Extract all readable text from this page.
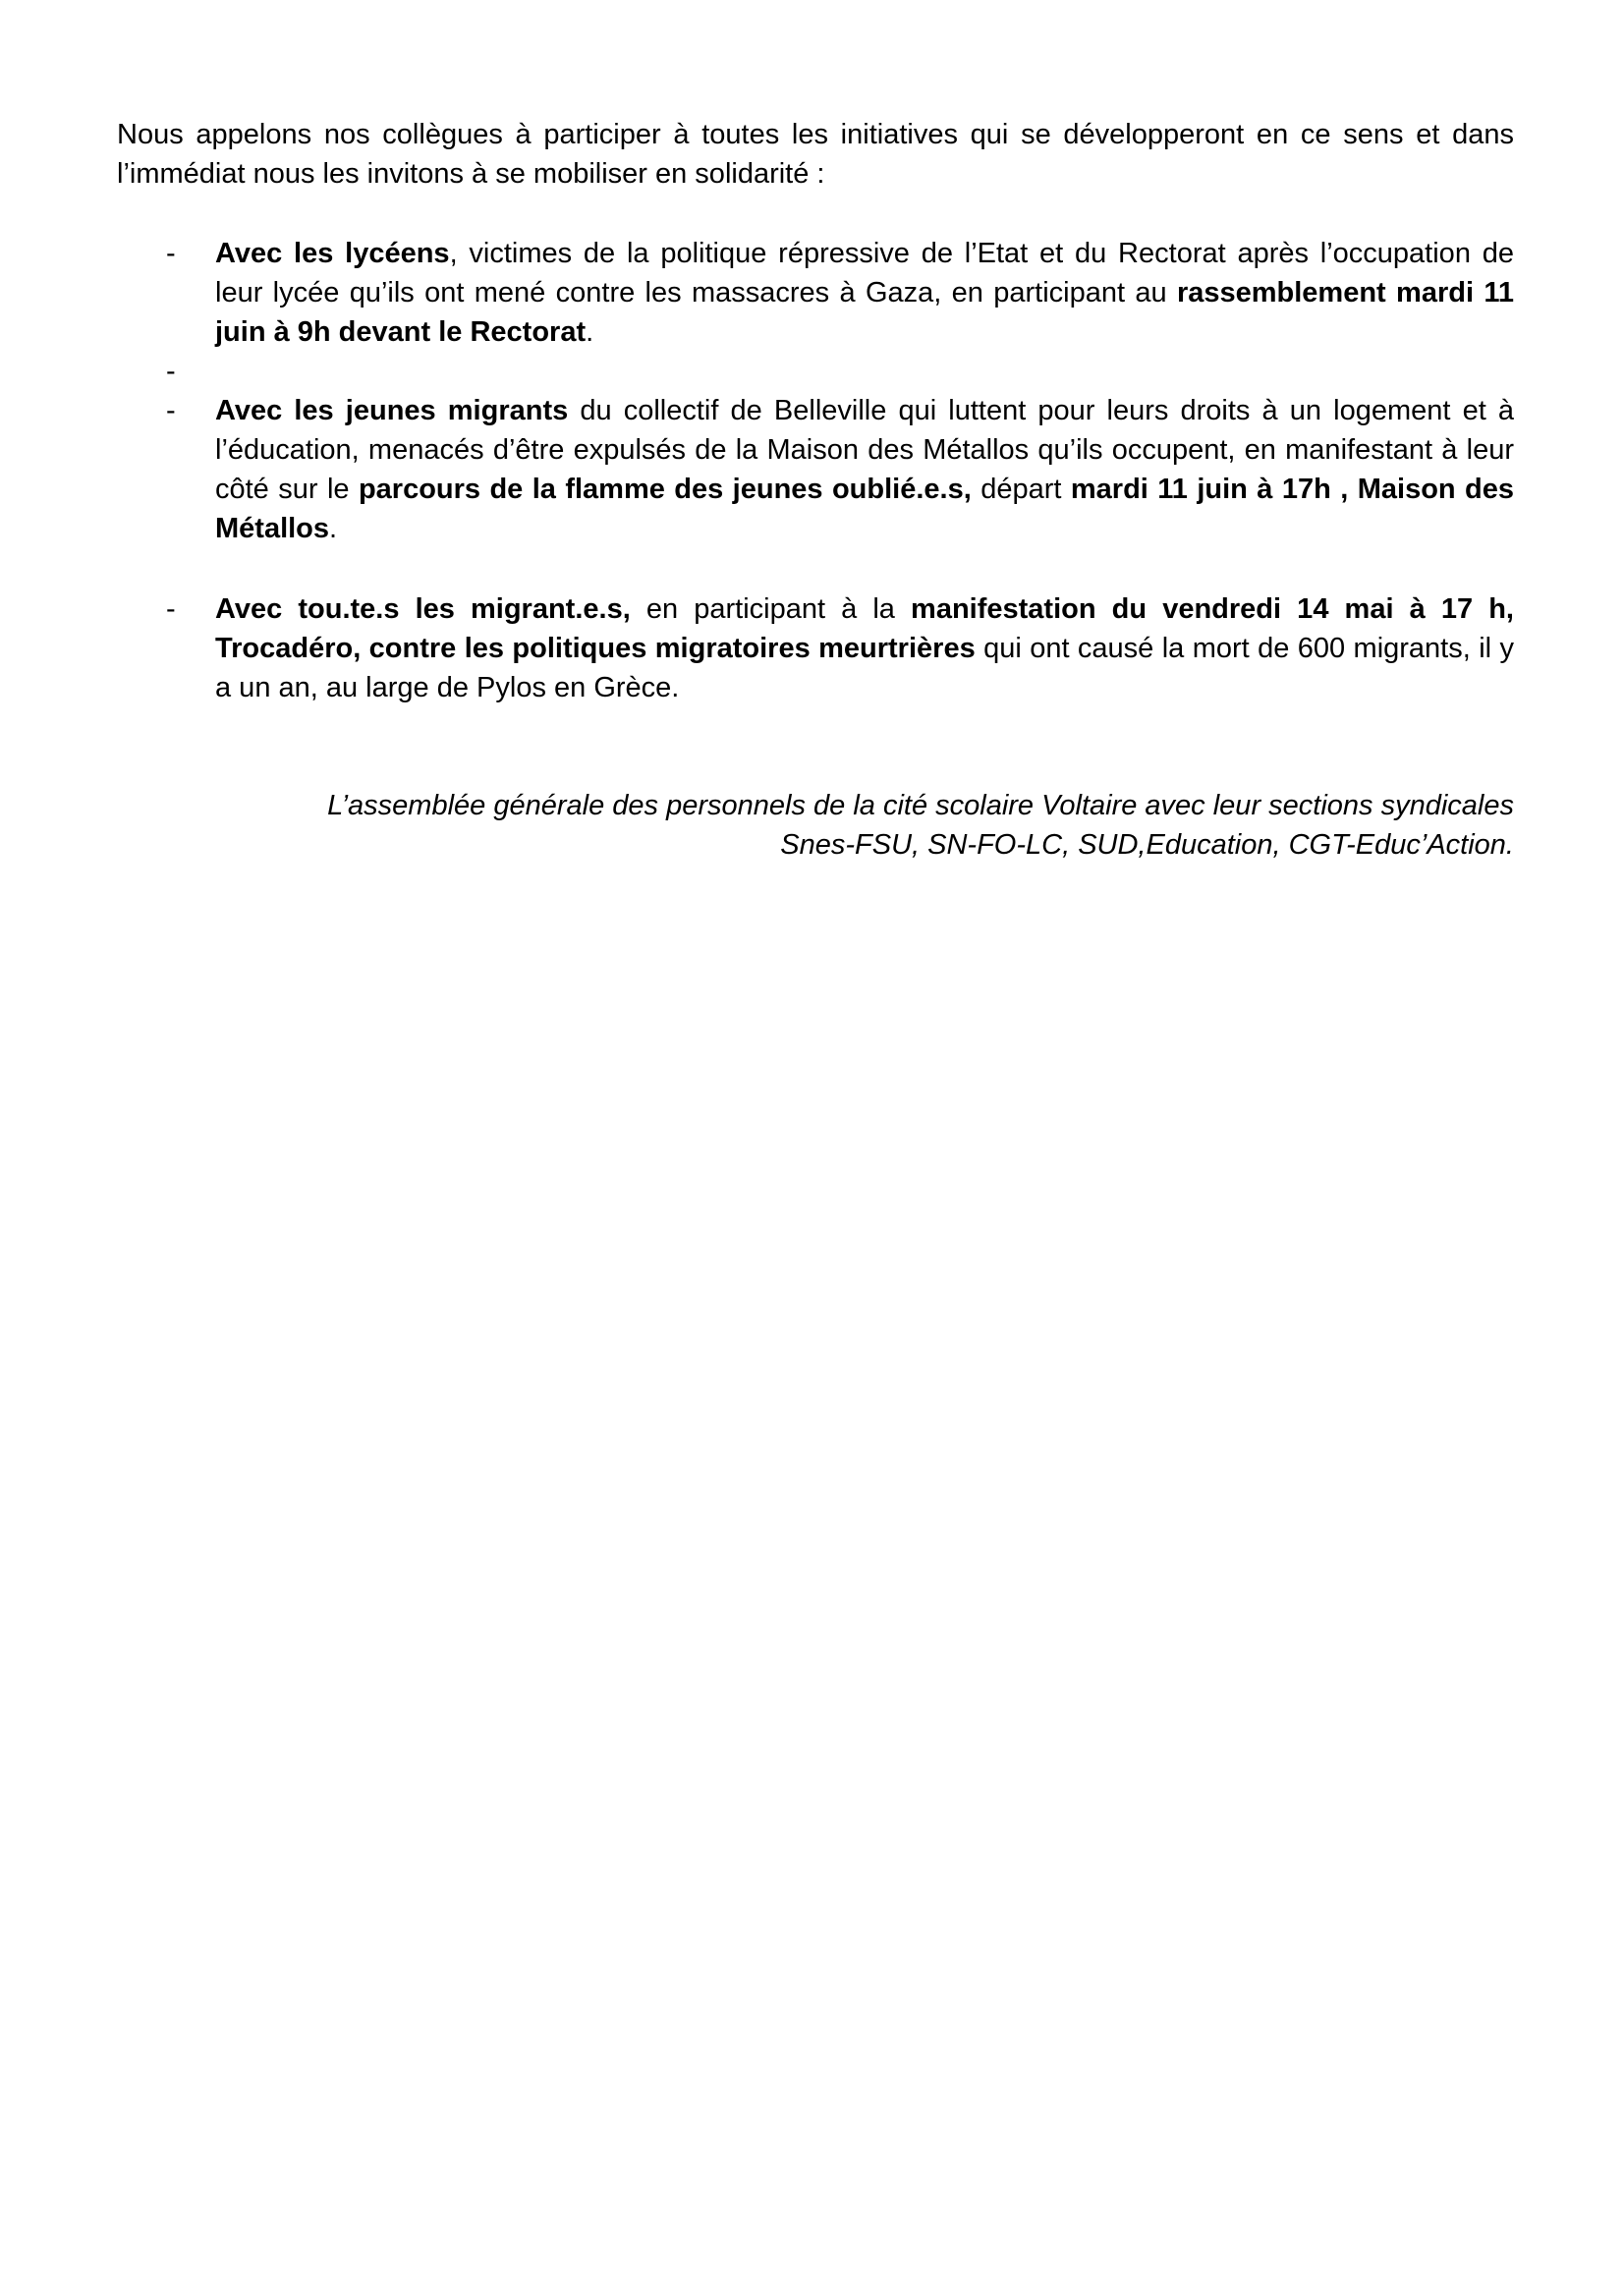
Nous appelons nos collègues à participer à toutes les initiatives qui se développeront en ce sens et dans l’immédiat nous les invitons à se mobiliser en solidarité :
-	Avec les lycéens, victimes de la politique répressive de l’Etat et du Rectorat après l’occupation de leur lycée qu’ils ont mené contre les massacres à Gaza, en participant au rassemblement mardi 11 juin à 9h devant le Rectorat.
-
-	Avec les jeunes migrants du collectif de Belleville qui luttent pour leurs droits à un logement et à l’éducation, menacés d’être expulsés de la Maison des Métallos qu’ils occupent, en manifestant à leur côté sur le parcours de la flamme des jeunes oublié.e.s, départ mardi 11 juin à 17h , Maison des Métallos.
-	Avec tou.te.s les migrant.e.s, en participant à la manifestation du vendredi 14 mai à 17 h, Trocadéro, contre les politiques migratoires meurtrières qui ont causé la mort de 600 migrants, il y a un an, au large de Pylos en Grèce.
L’assemblée générale des personnels de la cité scolaire Voltaire avec leur sections syndicales
Snes-FSU, SN-FO-LC, SUD,Education, CGT-Educ’Action.
